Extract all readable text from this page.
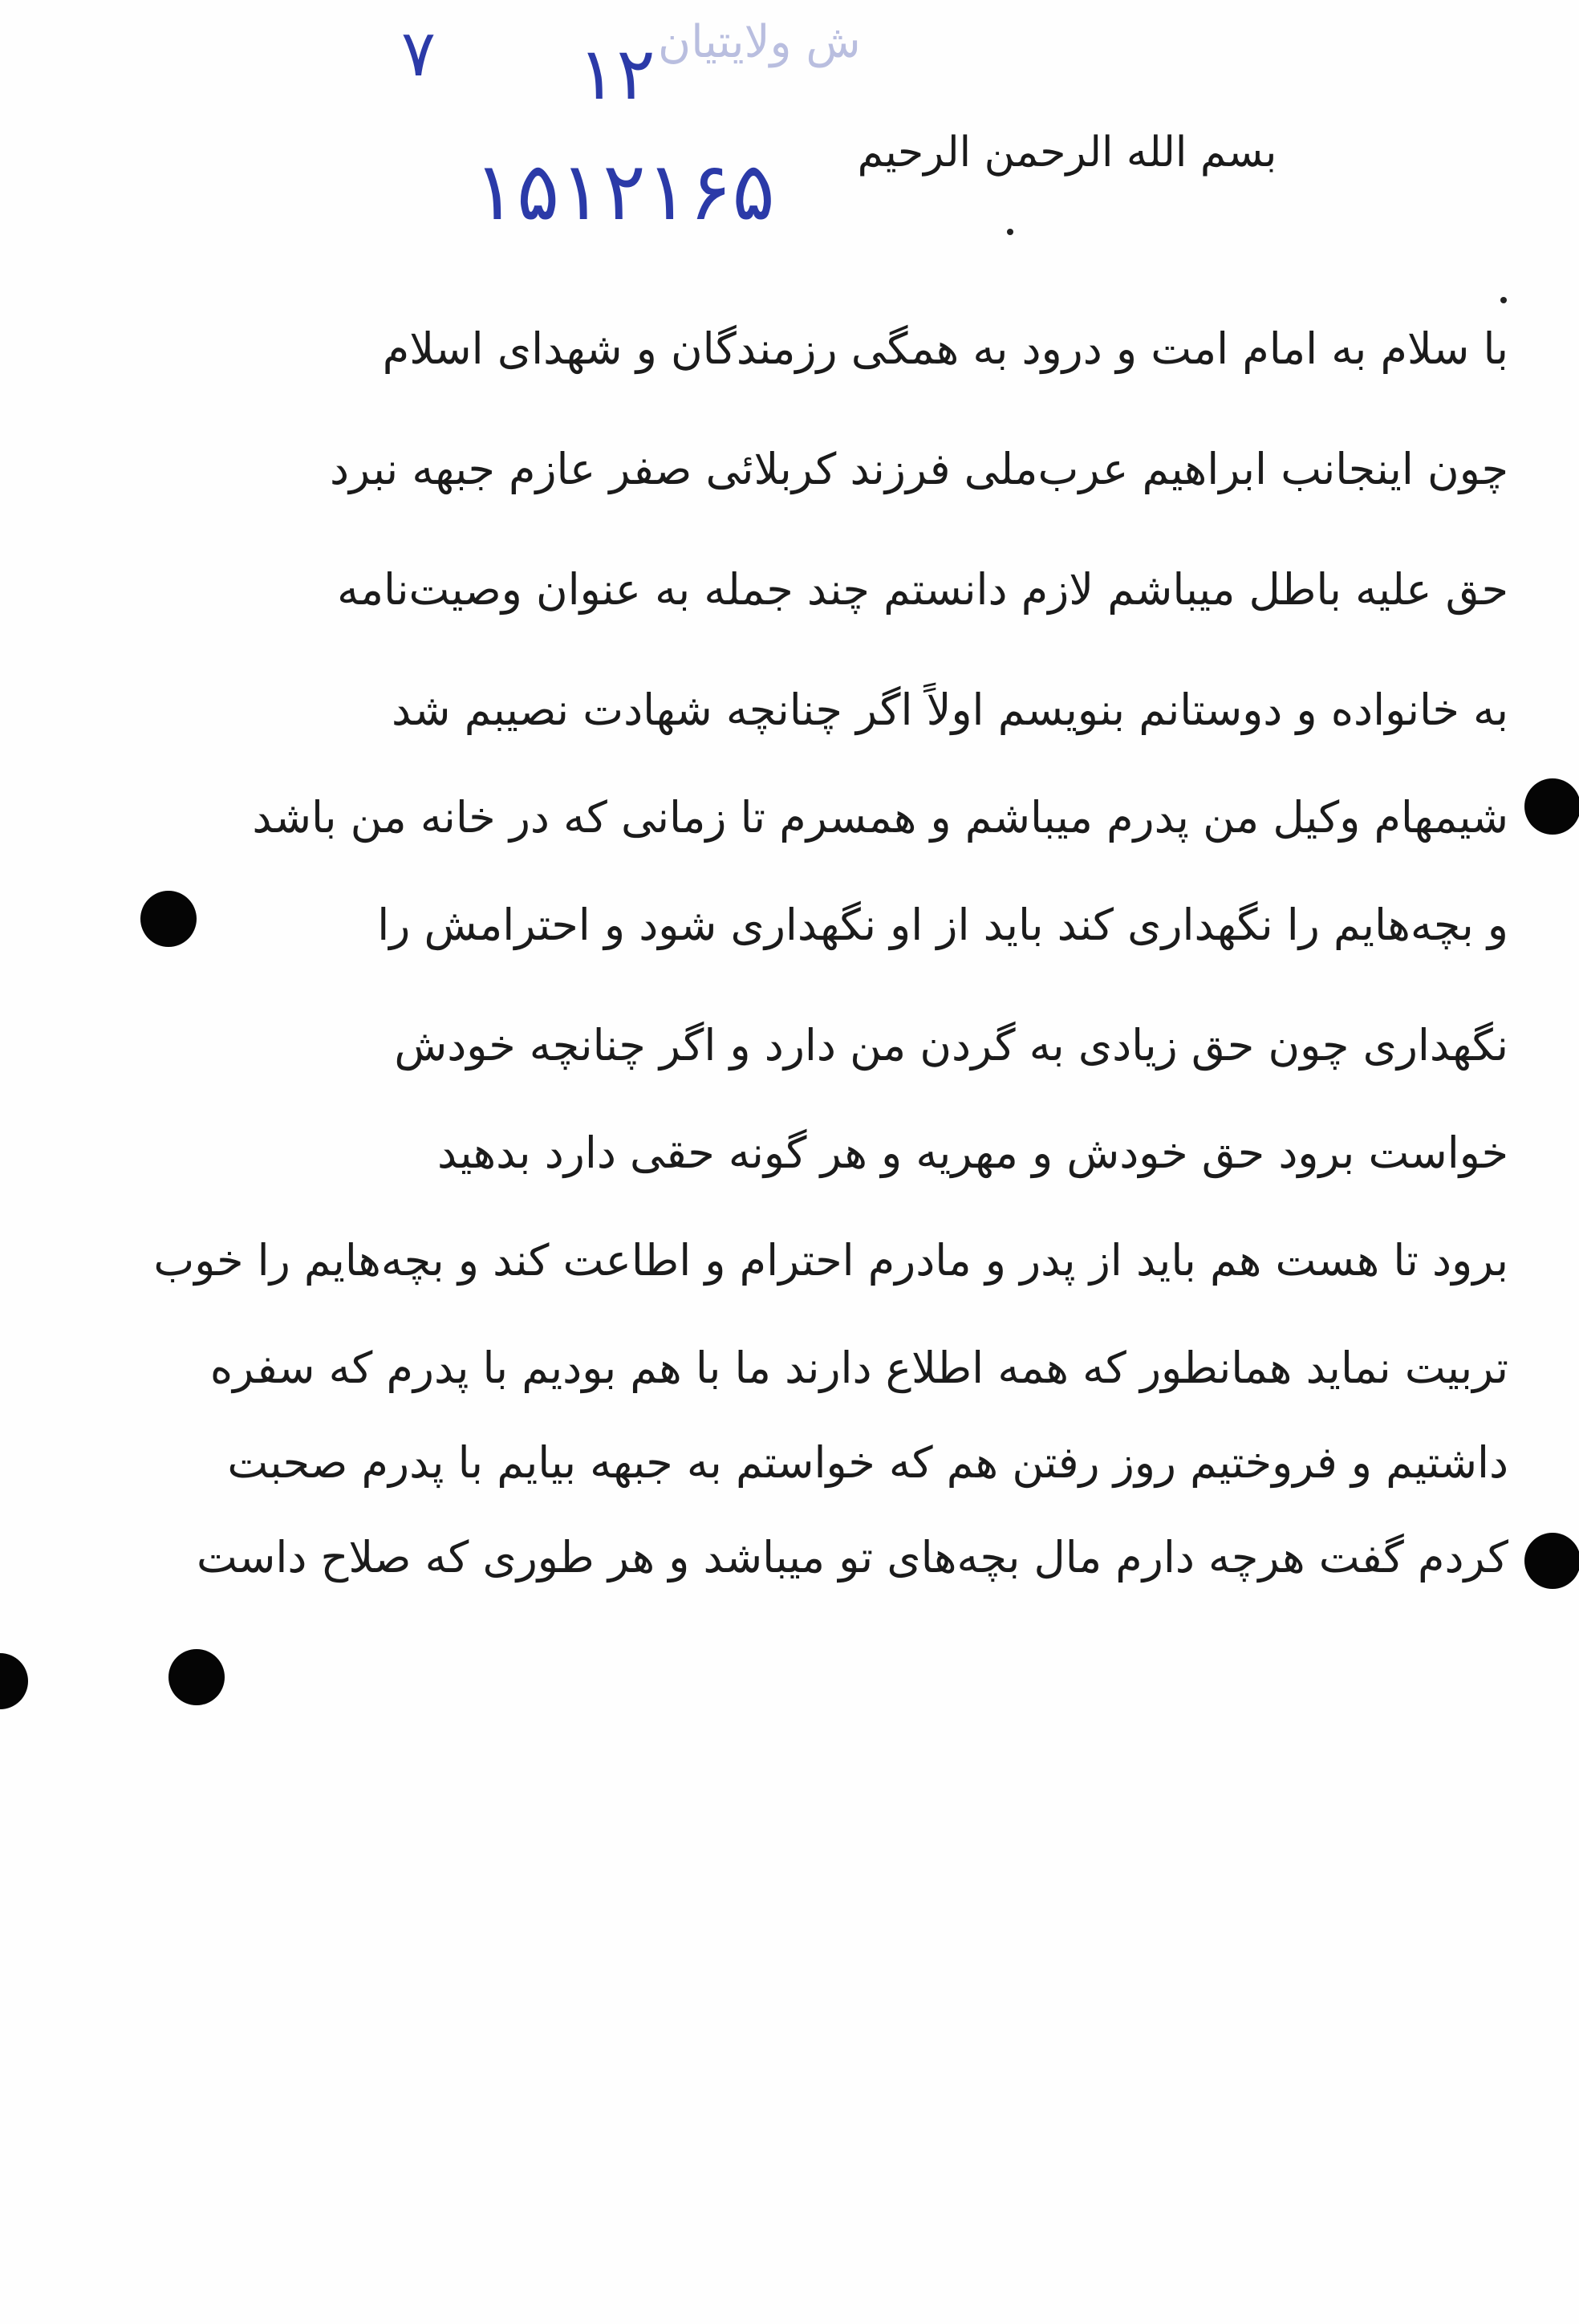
۷ ۱۲ ش ولایتیان
۱۵۱۲۱۶۵	بسم الله الرحمن الرحیم
با سلام به امام امت و درود به همگی رزمندگان و شهدای اسلام
چون اینجانب ابراهیم عرب‌ملی فرزند کربلائی صفر عازم جبهه نبرد
حق علیه باطل میباشم لازم دانستم چند جمله به عنوان وصیت‌نامه
به خانواده و دوستانم بنویسم اولاً اگر چنانچه شهادت نصیبم شد
شیمهام وکیل من پدرم میباشم و همسرم تا زمانی که در خانه من باشد
و بچه‌هایم را نگهداری کند باید از او نگهداری شود و احترامش را
نگهداری چون حق زیادی به گردن من دارد و اگر چنانچه خودش
خواست برود حق خودش و مهریه و هر گونه حقی دارد بدهید
برود تا هست هم باید از پدر و مادرم احترام و اطاعت کند و بچه‌هایم را خوب
تربیت نماید همانطور که همه اطلاع دارند ما با هم بودیم با پدرم که سفره
داشتیم و فروختیم روز رفتن هم که خواستم به جبهه بیایم با پدرم صحبت
کردم گفت هرچه دارم مال بچه‌های تو میباشد و هر طوری که صلاح داست
